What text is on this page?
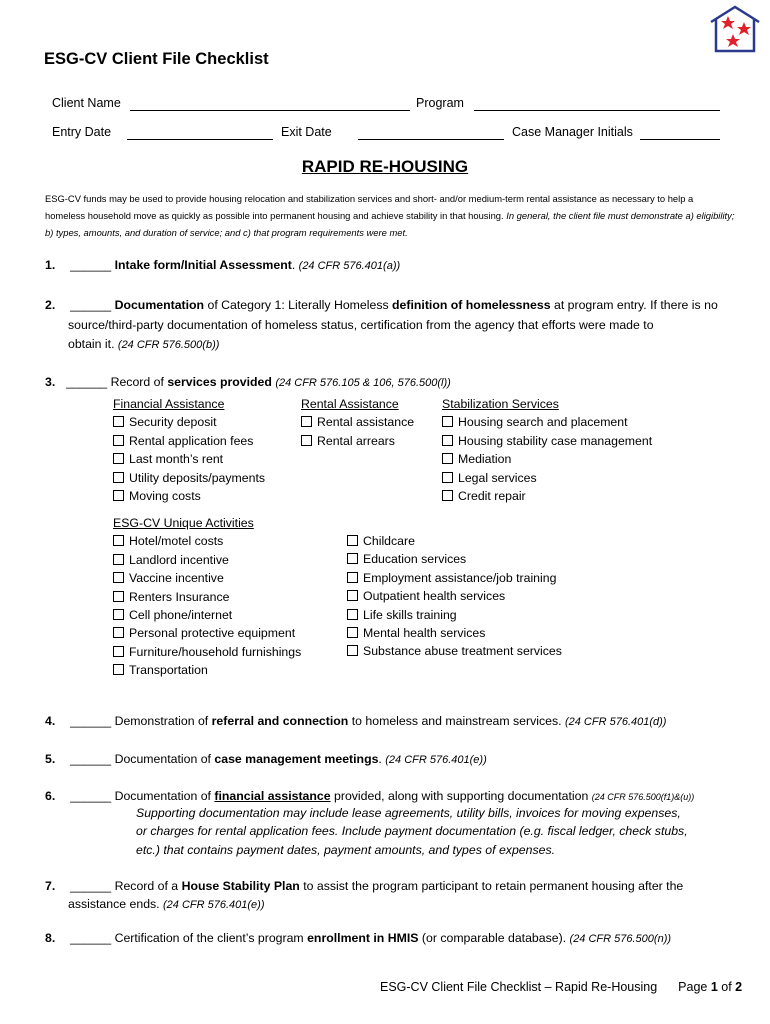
ESG-CV Client File Checklist
Client Name	Program
Entry Date	Exit Date	Case Manager Initials
RAPID RE-HOUSING
ESG-CV funds may be used to provide housing relocation and stabilization services and short- and/or medium-term rental assistance as necessary to help a homeless household move as quickly as possible into permanent housing and achieve stability in that housing. In general, the client file must demonstrate a) eligibility; b) types, amounts, and duration of service; and c) that program requirements were met.
1. ______ Intake form/Initial Assessment. (24 CFR 576.401(a))
2. ______ Documentation of Category 1: Literally Homeless definition of homelessness at program entry. If there is no
source/third-party documentation of homeless status, certification from the agency that efforts were made to
obtain it. (24 CFR 576.500(b))
3. ______ Record of services provided (24 CFR 576.105 & 106, 576.500(l))
Financial Assistance
Security deposit
Rental application fees
Last month’s rent
Utility deposits/payments
Moving costs
Rental Assistance
Rental assistance
Rental arrears
Stabilization Services
Housing search and placement
Housing stability case management
Mediation
Legal services
Credit repair
ESG-CV Unique Activities
Hotel/motel costs
Landlord incentive
Vaccine incentive
Renters Insurance
Cell phone/internet
Personal protective equipment
Furniture/household furnishings
Transportation
Childcare
Education services
Employment assistance/job training
Outpatient health services
Life skills training
Mental health services
Substance abuse treatment services
4. ______ Demonstration of referral and connection to homeless and mainstream services. (24 CFR 576.401(d))
5. ______ Documentation of case management meetings. (24 CFR 576.401(e))
6. ______ Documentation of financial assistance provided, along with supporting documentation (24 CFR 576.500(f1)&(u))
Supporting documentation may include lease agreements, utility bills, invoices for moving expenses,
or charges for rental application fees. Include payment documentation (e.g. fiscal ledger, check stubs,
etc.) that contains payment dates, payment amounts, and types of expenses.
7. ______ Record of a House Stability Plan to assist the program participant to retain permanent housing after the
assistance ends. (24 CFR 576.401(e))
8. ______ Certification of the client’s program enrollment in HMIS (or comparable database). (24 CFR 576.500(n))
ESG-CV Client File Checklist – Rapid Re-Housing Page 1 of 2
